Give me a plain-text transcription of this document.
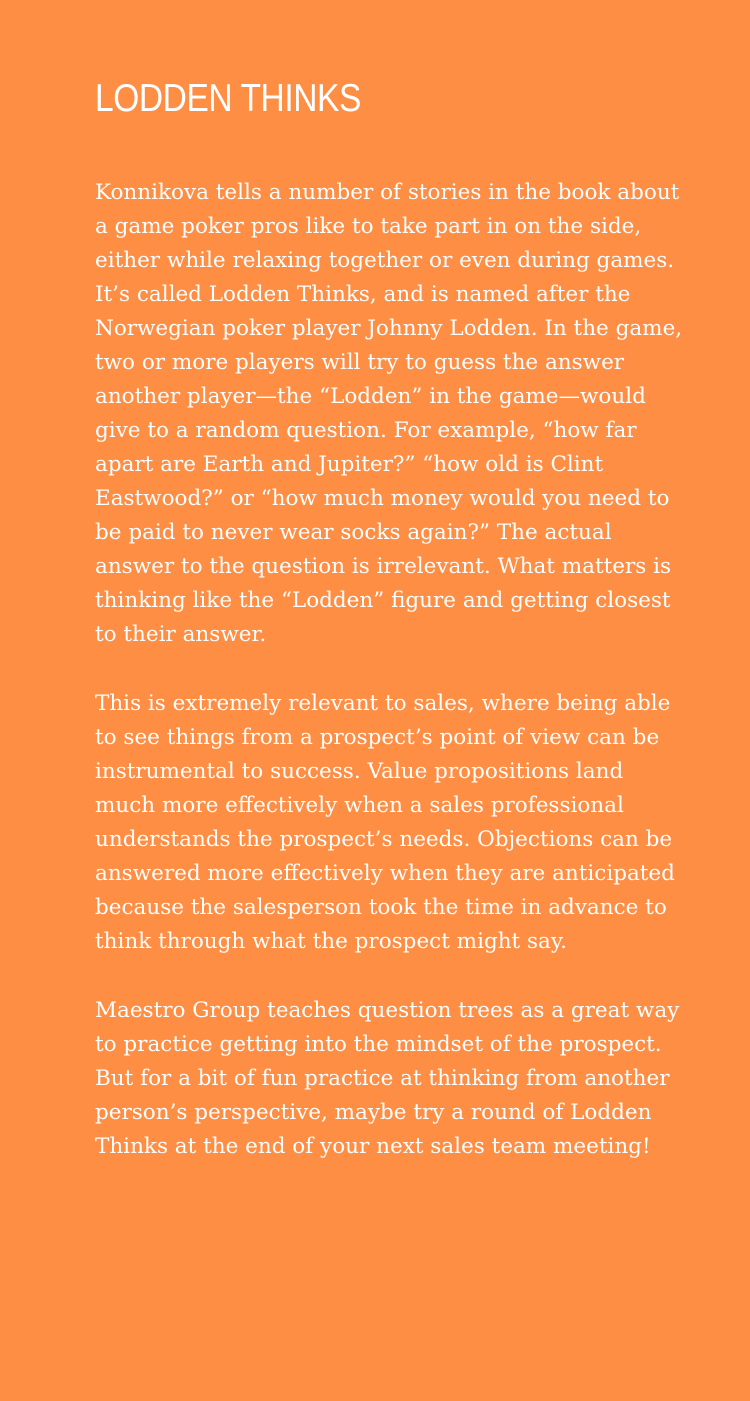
LODDEN THINKS

Konnikova tells a number of stories in the book about a game poker pros like to take part in on the side, either while relaxing together or even during games. It’s called Lodden Thinks, and is named after the Norwegian poker player Johnny Lodden. In the game, two or more players will try to guess the answer another player—the “Lodden” in the game—would give to a random question. For example, “how far apart are Earth and Jupiter?” “how old is Clint Eastwood?” or “how much money would you need to be paid to never wear socks again?” The actual answer to the question is irrelevant. What matters is thinking like the “Lodden” figure and getting closest to their answer.

This is extremely relevant to sales, where being able to see things from a prospect’s point of view can be instrumental to success. Value propositions land much more effectively when a sales professional understands the prospect’s needs. Objections can be answered more effectively when they are anticipated because the salesperson took the time in advance to think through what the prospect might say.

Maestro Group teaches question trees as a great way to practice getting into the mindset of the prospect. But for a bit of fun practice at thinking from another person’s perspective, maybe try a round of Lodden Thinks at the end of your next sales team meeting!
